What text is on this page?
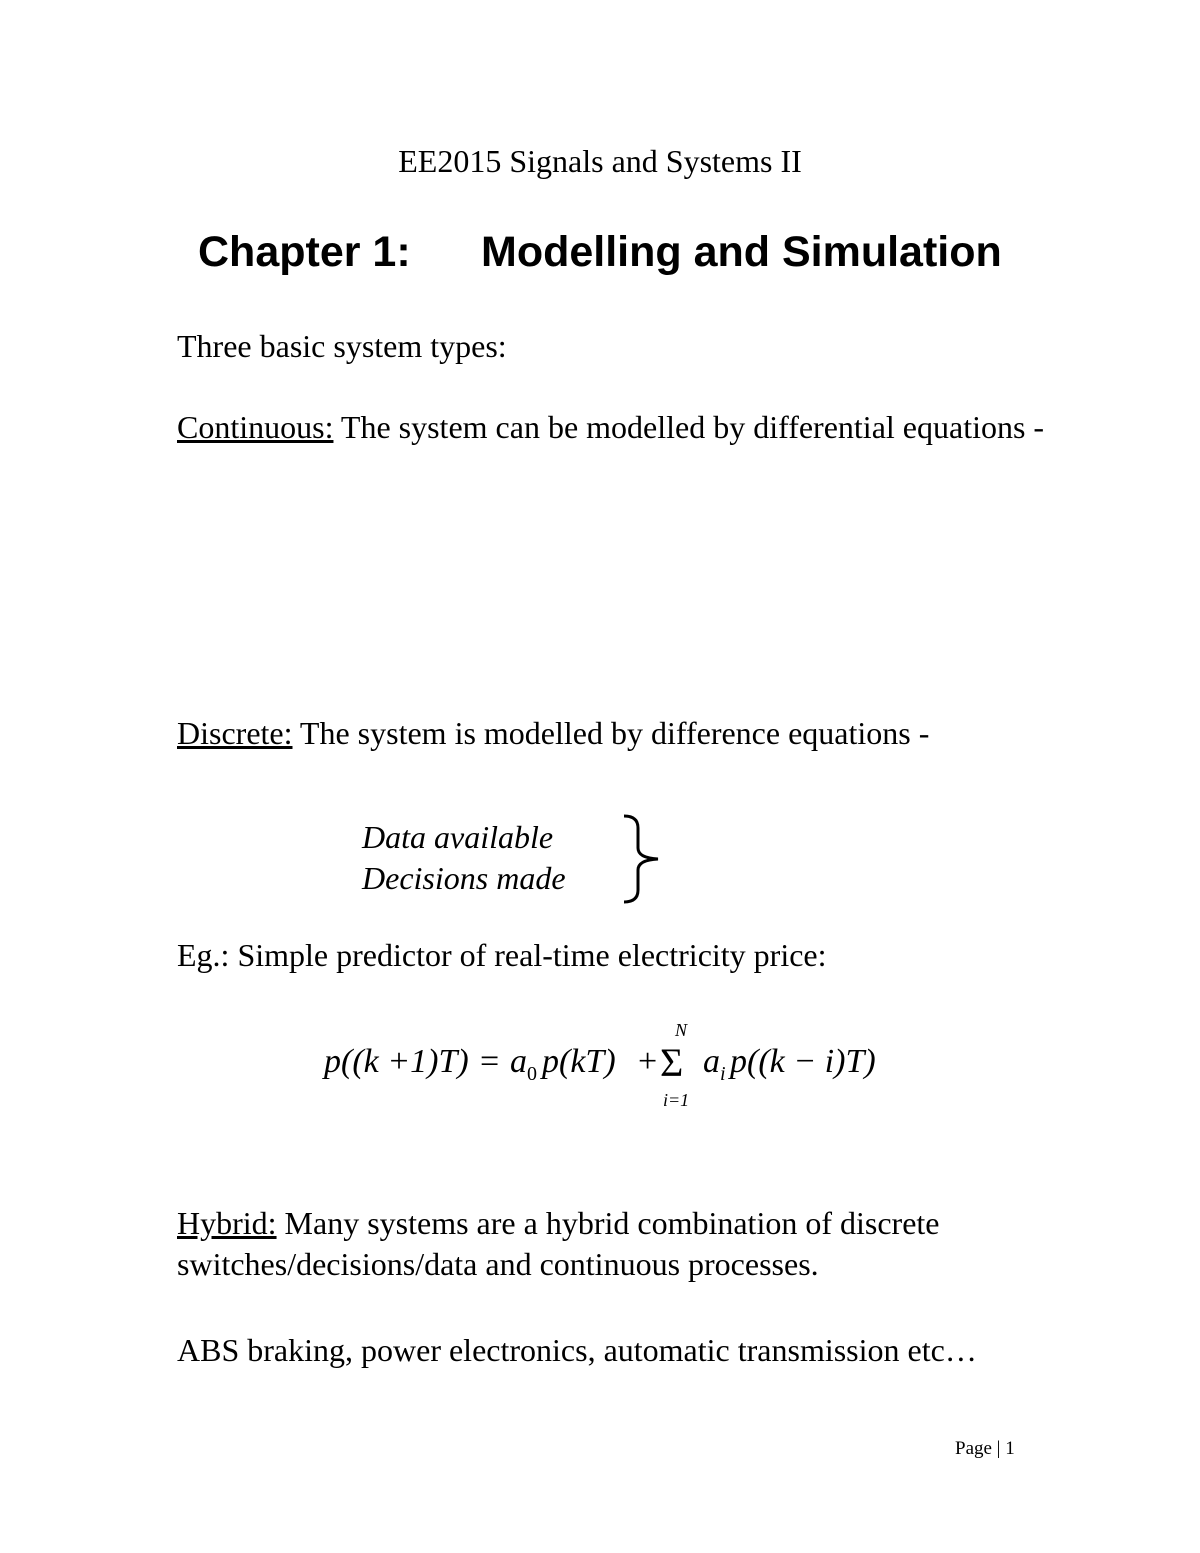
EE2015 Signals and Systems II
Chapter 1: Modelling and Simulation
Three basic system types:
Continuous: The system can be modelled by differential equations -
Discrete: The system is modelled by difference equations -
Data available
Decisions made
Eg.: Simple predictor of real-time electricity price:
p((k +1)T) = a 0 p(kT) +
N
Σ
i=1
a i p((k − i)T)
Hybrid: Many systems are a hybrid combination of discrete switches/decisions/data and continuous processes.
ABS braking, power electronics, automatic transmission etc…
Page | 1
